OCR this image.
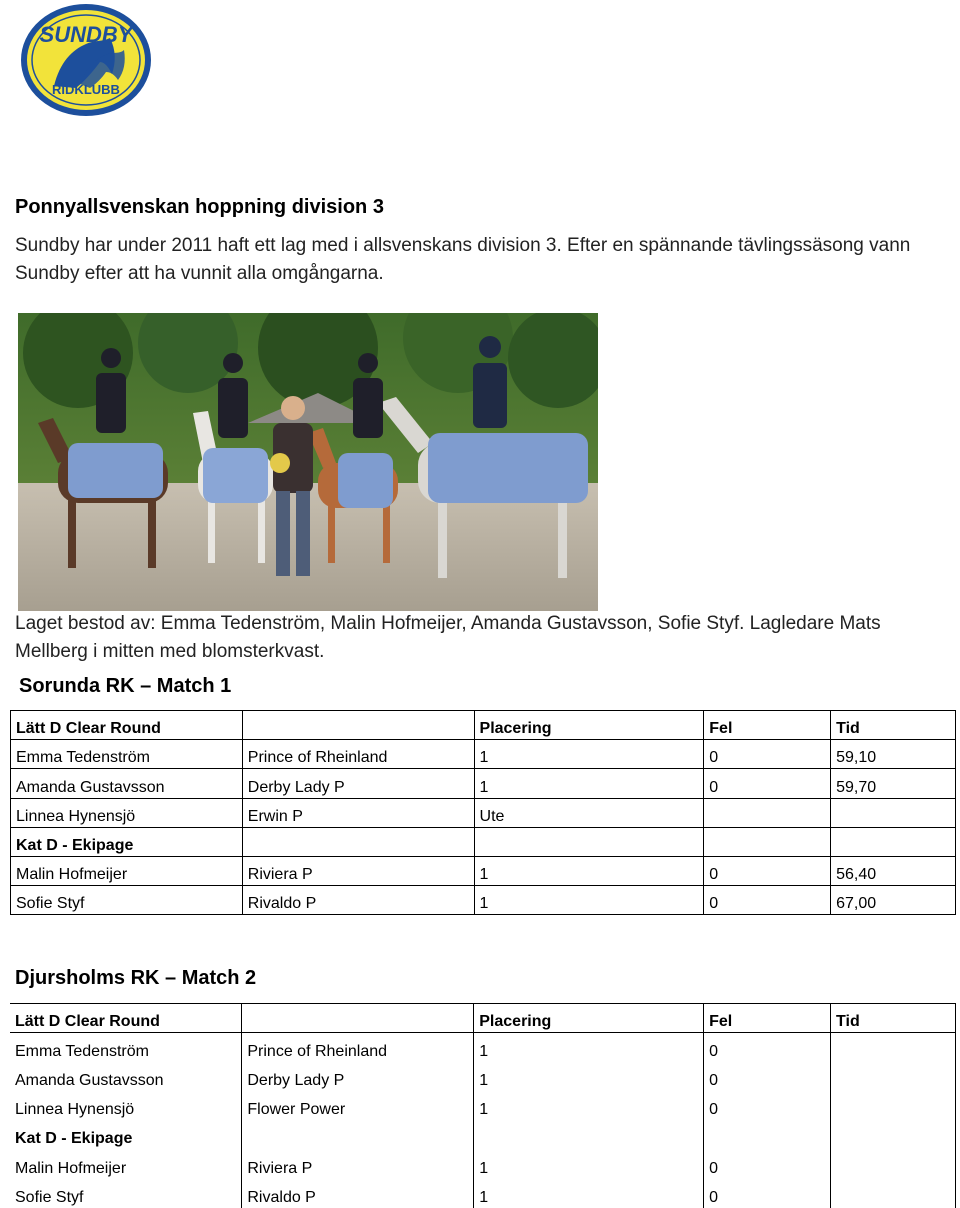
SUNDBY
RIDKLUBB
Ponnyallsvenskan hoppning division 3

Sundby har under 2011 haft ett lag med i allsvenskans division 3. Efter en spännande tävlingssäsong vann Sundby efter att ha vunnit alla omgångarna.

Laget bestod av: Emma Tedenström, Malin Hofmeijer, Amanda Gustavsson, Sofie Styf. Lagledare Mats Mellberg i mitten med blomsterkvast.

Sorunda RK – Match 1
Lätt D Clear Round		Placering	Fel	Tid
Emma Tedenström	Prince of Rheinland	1	0	59,10
Amanda Gustavsson	Derby Lady P	1	0	59,70
Linnea Hynensjö	Erwin P	Ute		
Kat D - Ekipage				
Malin Hofmeijer	Riviera P	1	0	56,40
Sofie Styf	Rivaldo P	1	0	67,00
Djursholms RK – Match 2
Lätt D Clear Round		Placering	Fel	Tid
Emma Tedenström	Prince of Rheinland	1	0	
Amanda Gustavsson	Derby Lady P	1	0	
Linnea Hynensjö	Flower Power	1	0	
Kat D - Ekipage				
Malin Hofmeijer	Riviera P	1	0	
Sofie Styf	Rivaldo P	1	0	
